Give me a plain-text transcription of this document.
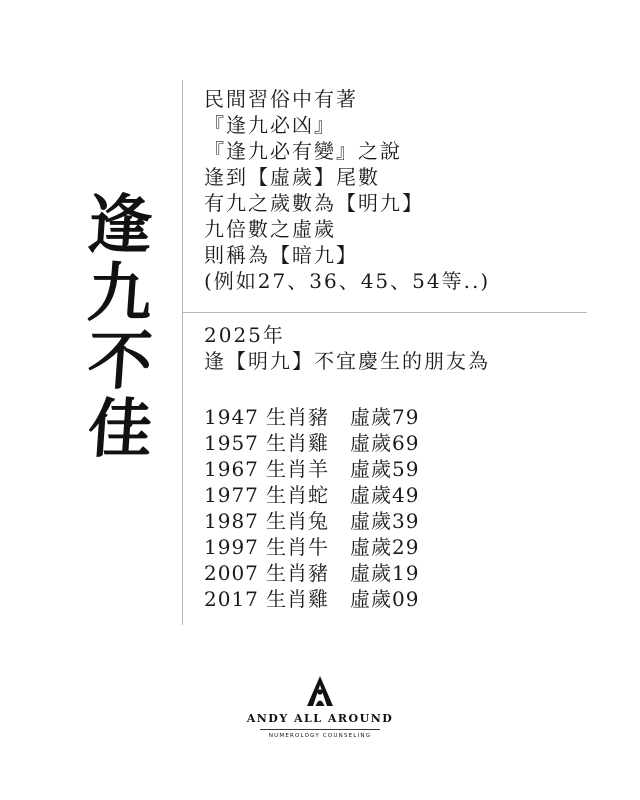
逢
九
不
佳
民間習俗中有著
『逢九必凶』
『逢九必有變』之說
逢到【虛歲】尾數
有九之歲數為【明九】
九倍數之虛歲
則稱為【暗九】
(例如27、36、45、54等..)
2025年
逢【明九】不宜慶生的朋友為
1947 生肖豬 虛歲79
1957 生肖雞 虛歲69
1967 生肖羊 虛歲59
1977 生肖蛇 虛歲49
1987 生肖兔 虛歲39
1997 生肖牛 虛歲29
2007 生肖豬 虛歲19
2017 生肖雞 虛歲09
ANDY ALL AROUND
NUMEROLOGY COUNSELING
